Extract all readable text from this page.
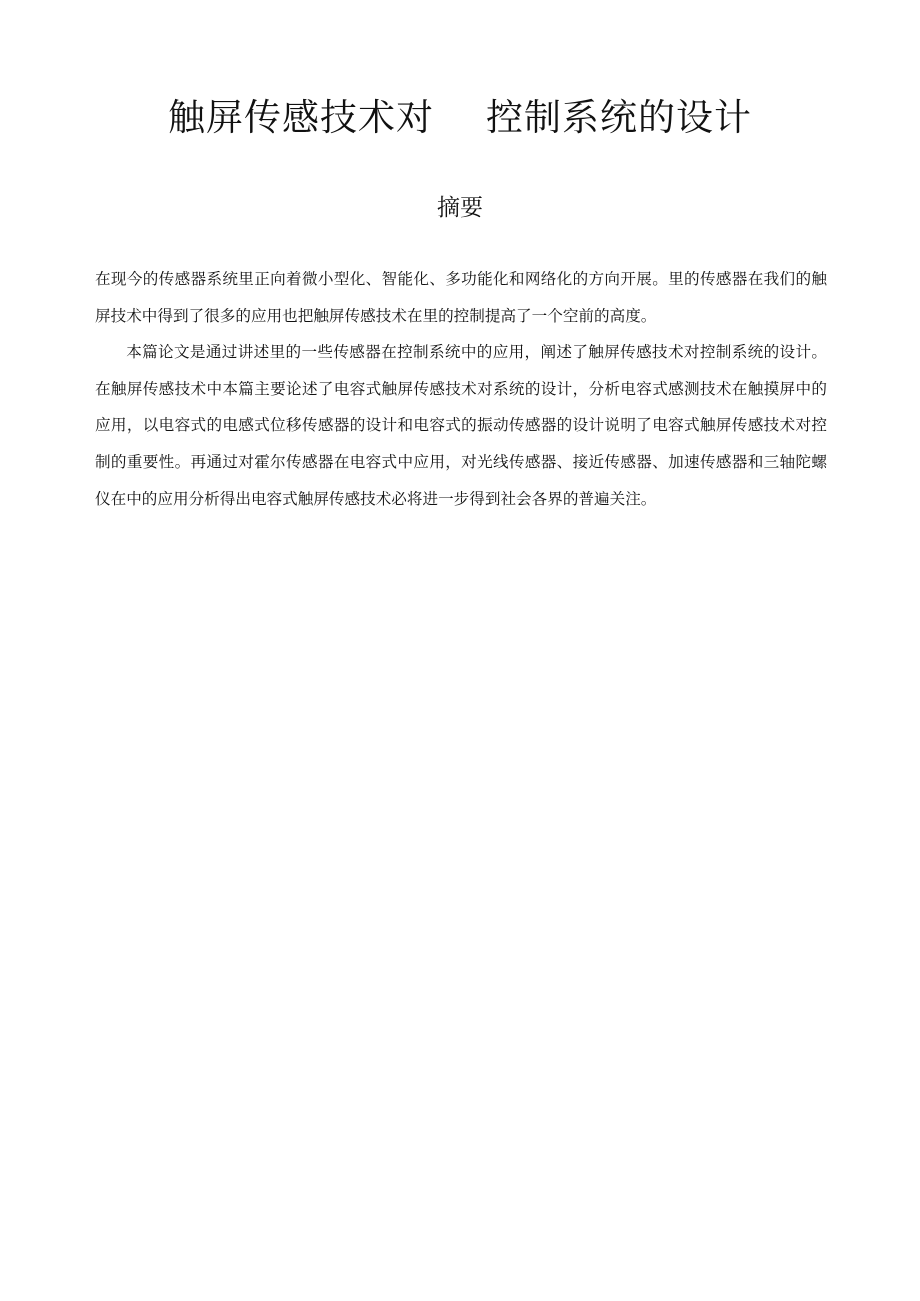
触屏传感技术对 控制系统的设计
摘要

在现今的传感器系统里正向着微小型化、智能化、多功能化和网络化的方向开展。里的传感器在我们的触屏技术中得到了很多的应用也把触屏传感技术在里的控制提高了一个空前的高度。

本篇论文是通过讲述里的一些传感器在控制系统中的应用，阐述了触屏传感技术对控制系统的设计。在触屏传感技术中本篇主要论述了电容式触屏传感技术对系统的设计，分析电容式感测技术在触摸屏中的应用，以电容式的电感式位移传感器的设计和电容式的振动传感器的设计说明了电容式触屏传感技术对控制的重要性。再通过对霍尔传感器在电容式中应用，对光线传感器、接近传感器、加速传感器和三轴陀螺仪在中的应用分析得出电容式触屏传感技术必将进一步得到社会各界的普遍关注。
